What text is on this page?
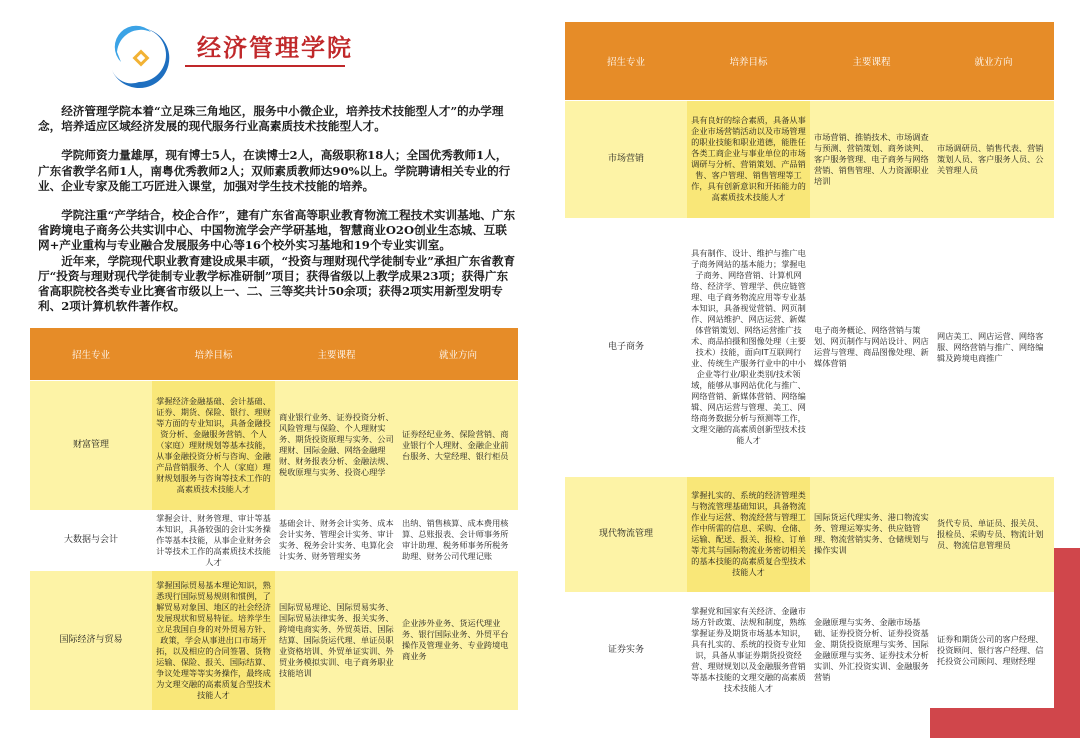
经济管理学院

经济管理学院本着“立足珠三角地区，服务中小微企业，培养技术技能型人才”的办学理念，培养适应区域经济发展的现代服务行业高素质技术技能型人才。

学院师资力量雄厚，现有博士5人，在读博士2人，高级职称18人；全国优秀教师1人，广东省教学名师1人，南粤优秀教师2人；双师素质教师达90%以上。学院聘请相关专业的行业、企业专家及能工巧匠进入课堂，加强对学生技术技能的培养。

学院注重“产学结合，校企合作”，建有广东省高等职业教育物流工程技术实训基地、广东省跨境电子商务公共实训中心、中国物流学会产学研基地，智慧商业O2O创业生态城、互联网+产业重构与专业融合发展服务中心等16个校外实习基地和19个专业实训室。

近年来，学院现代职业教育建设成果丰硕，“投资与理财现代学徒制专业”承担广东省教育厅“投资与理财现代学徒制专业教学标准研制”项目；获得省级以上教学成果23项；获得广东省高职院校各类专业比赛省市级以上一、二、三等奖共计50余项；获得2项实用新型发明专利、2项计算机软件著作权。

招生专业	培养目标	主要课程	就业方向
财富管理	掌握经济金融基础、会计基础、证券、期货、保险、银行、理财等方面的专业知识，具备金融投资分析、金融服务营销、个人（家庭）理财规划等基本技能，从事金融投资分析与咨询、金融产品营销服务、个人（家庭）理财规划服务与咨询等技术工作的高素质技术技能人才	商业银行业务、证券投资分析、风险管理与保险、个人理财实务、期货投资原理与实务、公司理财、国际金融、网络金融理财、财务报表分析、金融法规、税收原理与实务、投资心理学	证券经纪业务、保险营销、商业银行个人理财、金融企业前台服务、大堂经理、银行柜员
大数据与会计	掌握会计、财务管理、审计等基本知识，具备较强的会计实务操作等基本技能，从事企业财务会计等技术工作的高素质技术技能人才	基础会计、财务会计实务、成本会计实务、管理会计实务、审计实务、税务会计实务、电算化会计实务、财务管理实务	出纳、销售核算、成本费用核算、总账报表、会计师事务所审计助理、税务师事务所税务助理、财务公司代理记账
国际经济与贸易	掌握国际贸易基本理论知识，熟悉现行国际贸易规则和惯例，了解贸易对象国、地区的社会经济发展现状和贸易特征。培养学生立足我国自身的对外贸易方针、政策，学会从事进出口市场开拓，以及相应的合同签署、货物运输、保险、报关、国际结算、争议处理等等实务操作，最终成为文理交融的高素质复合型技术技能人才	国际贸易理论、国际贸易实务、国际贸易法律实务、报关实务、跨境电商实务、外贸英语、国际结算、国际货运代理、单证员职业资格培训、外贸单证实训、外贸业务模拟实训、电子商务职业技能培训	企业涉外业务、货运代理业务、银行国际业务、外贸平台操作及管理业务、专业跨境电商业务
招生专业	培养目标	主要课程	就业方向
市场营销	具有良好的综合素质，具备从事企业市场营销活动以及市场管理的职业技能和职业道德，能胜任各类工商企业与事业单位的市场调研与分析、营销策划、产品销售、客户管理、销售管理等工作，具有创新意识和开拓能力的高素质技术技能人才	市场营销、推销技术、市场调查与预测、营销策划、商务谈判、客户服务管理、电子商务与网络营销、销售管理、人力资源职业培训	市场调研员、销售代表、营销策划人员、客户服务人员、公关管理人员
电子商务	具有制作、设计、维护与推广电子商务网站的基本能力；掌握电子商务、网络营销、计算机网络、经济学、管理学、供应链管理、电子商务物流应用等专业基本知识，具备视觉营销、网页制作、网站维护、网店运营、新媒体营销策划、网络运营推广技术、商品拍摄和图像处理（主要技术）技能，面向IT互联网行业、传统生产服务行业中的中小企业等行业/职业类别/技术领域，能够从事网站优化与推广、网络营销、新媒体营销、网络编辑、网店运营与管理、美工、网络商务数据分析与预测等工作，文理交融的高素质创新型技术技能人才	电子商务概论、网络营销与策划、网页制作与网站设计、网店运营与管理、商品图像处理、新媒体营销	网店美工、网店运营、网络客服、网络营销与推广、网络编辑及跨境电商推广
现代物流管理	掌握扎实的、系统的经济管理类与物流管理基础知识，具备物流作业与运营、物流经营与管理工作中所需的信息、采购、仓储、运输、配送、报关、报检、订单等尤其与国际物流业务密切相关的基本技能的高素质复合型技术技能人才	国际货运代理实务、港口物流实务、管理运筹实务、供应链管理、物流营销实务、仓储规划与操作实训	货代专员、单证员、报关员、报检员、采购专员、物流计划员、物流信息管理员
证券实务	掌握党和国家有关经济、金融市场方针政策、法规和制度，熟练掌握证券及期货市场基本知识，具有扎实的、系统的投资专业知识，具备从事证券期货投资经营、理财规划以及金融服务营销等基本技能的文理交融的高素质技术技能人才	金融原理与实务、金融市场基础、证券投资分析、证券投资基金、期货投资原理与实务、国际金融原理与实务、证券技术分析实训、外汇投资实训、金融服务营销	证券和期货公司的客户经理、投资顾问、银行客户经理、信托投资公司顾问、理财经理
